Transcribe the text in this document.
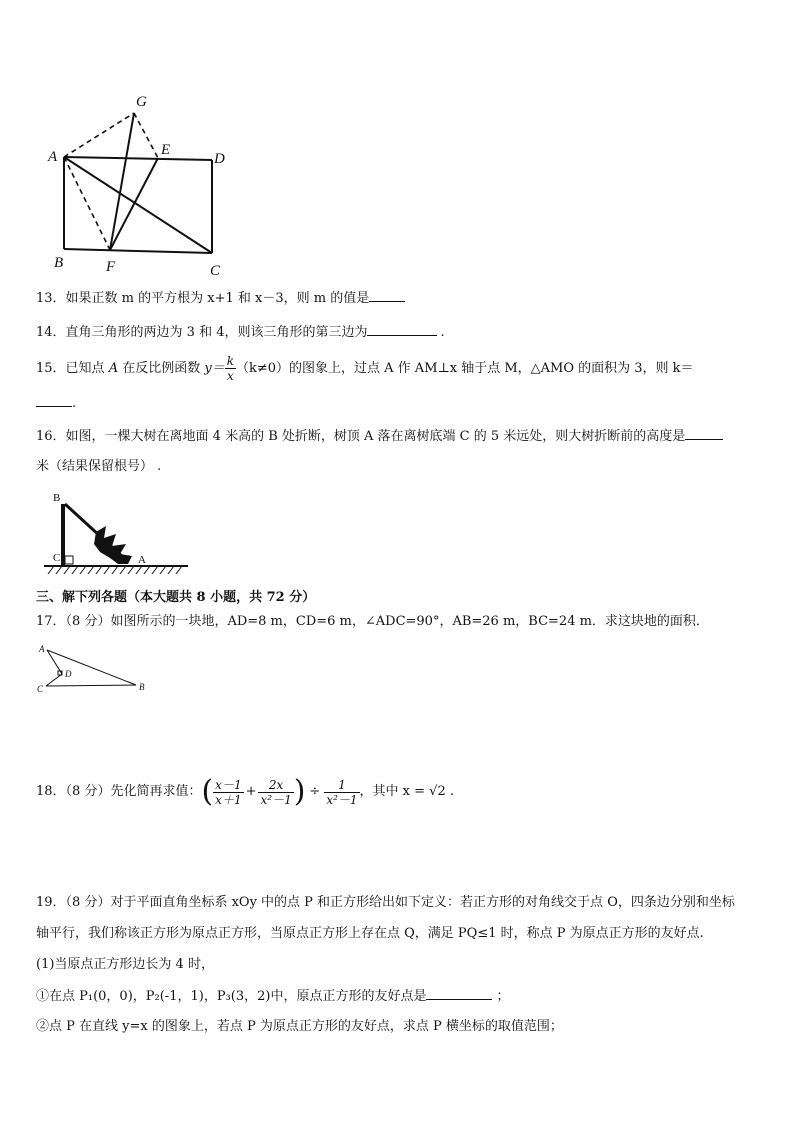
G
A	E
D
B	F	C
13．如果正数 m 的平方根为 x+1 和 x－3，则 m 的值是
14．直角三角形的两边为 3 和 4，则该三角形的第三边为	.
15．已知点 A 在反比例函数 $y= \frac{k}{x} (k\ne 0)$的图象上，过点 A 作 AM⊥x 轴于点 M，△AMO 的面积为 3，则 k＝
.
16．如图，一棵大树在离地面 4 米高的 B 处折断，树顶 A 落在离树底端 C 的 5 米远处，则大树折断前的高度是
米（结果保留根号） .
B
C	A
三、解下列各题（本大题共 8 小题，共 72 分）
17．（8 分）如图所示的一块地，AD=8 m，CD=6 m，∠ADC=90°，AB=26 m，BC=24 m．求这块地的面积．
A
D
C	B
18．（8 分）先化简再求值：( $\frac{x-1}{x+1} + \frac{2x}{\text{x²－1}}$ ) ÷ $\frac{1}{\text{x²－1}}$ ，其中 x = √2 .
19．（8 分）对于平面直角坐标系 xOy 中的点 P 和正方形给出如下定义：若正方形的对角线交于点 O，四条边分别和坐标
轴平行，我们称该正方形为原点正方形，当原点正方形上存在点 Q，满足 PQ≤1 时，称点 P 为原点正方形的友好点.
(1)当原点正方形边长为 4 时，
①在点 P₁(0，0)，P₂(-1，1)，P₃(3，2)中，原点正方形的友好点是	；
②点 P 在直线 y=x 的图象上，若点 P 为原点正方形的友好点，求点 P 横坐标的取值范围；
